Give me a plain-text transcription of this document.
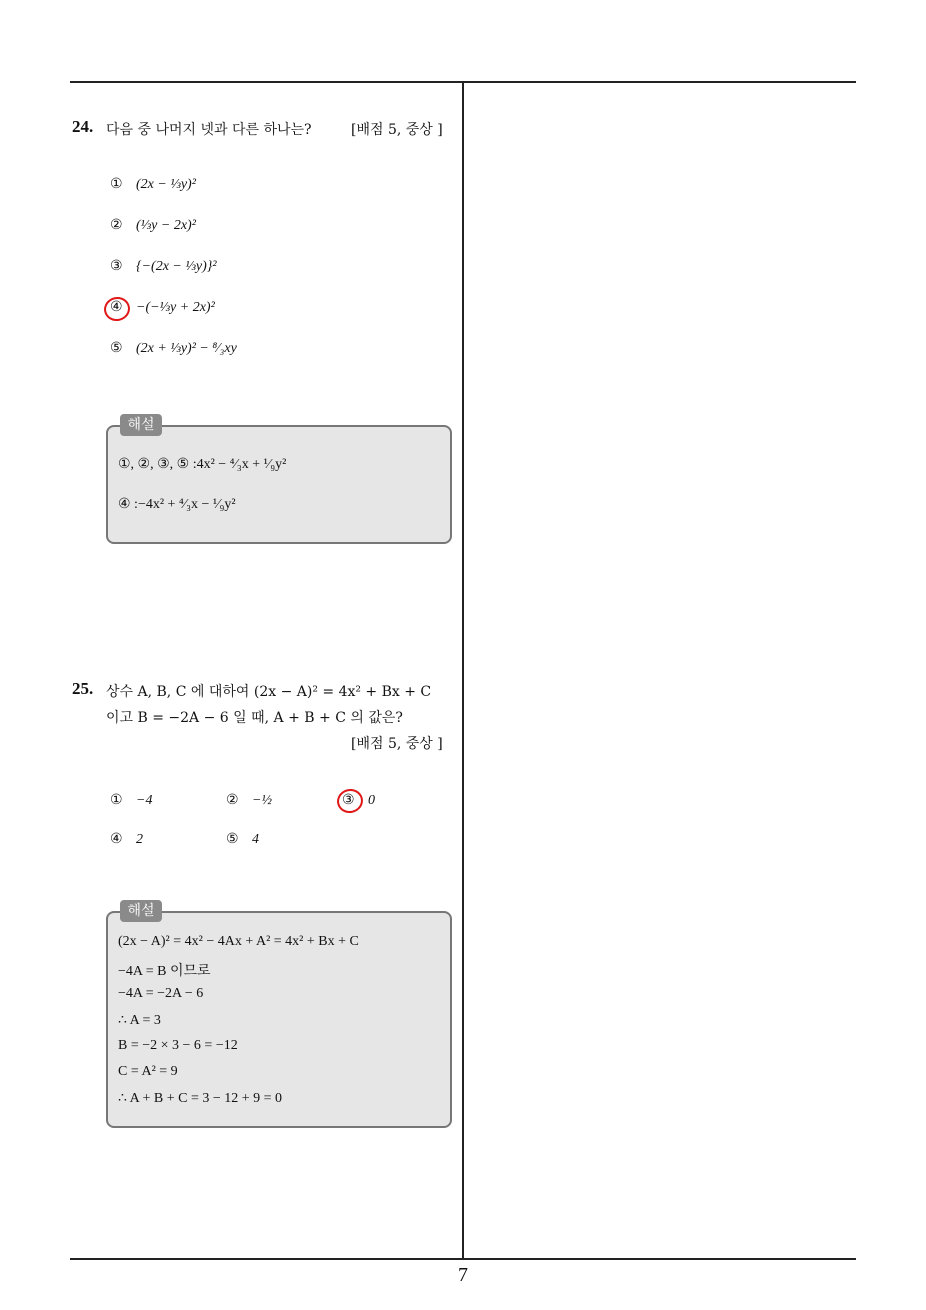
7
24. 다음 중 나머지 넷과 다른 하나는?	[배점 5, 중상 ]
① (2x − ⅓y)²
② (⅓y − 2x)²
③ {−(2x − ⅓y)}²
④ −(−⅓y + 2x)²
⑤ (2x + ⅓y)² − ⁸⁄₃xy
해설
①, ②, ③, ⑤ :4x² − ⁴⁄₃x + ¹⁄₉y²
④ :−4x² + ⁴⁄₃x − ¹⁄₉y²
25. 상수 A, B, C 에 대하여 (2x − A)² = 4x² + Bx + C
이고 B = −2A − 6 일 때, A + B + C 의 값은?
[배점 5, 중상 ]
① −4	② −½	③ 0
④ 2	⑤ 4
해설
(2x − A)² = 4x² − 4Ax + A² = 4x² + Bx + C
−4A = B 이므로
−4A = −2A − 6
∴ A = 3
B = −2 × 3 − 6 = −12
C = A² = 9
∴ A + B + C = 3 − 12 + 9 = 0
